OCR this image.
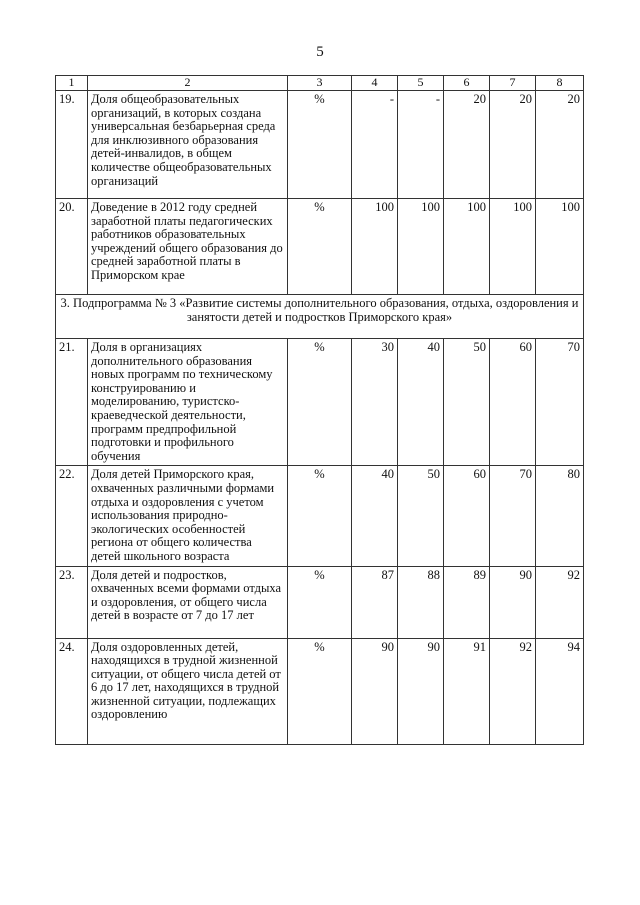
5
1	2	3	4	5	6	7	8
19.	Доля общеобразовательных организаций, в которых создана универсальная безбарьерная среда для инклюзивного образования детей-инвалидов, в общем количестве общеобразовательных организаций	%	-	-	20	20	20
20.	Доведение в 2012 году средней заработной платы педагогических работников образовательных учреждений общего образования до средней заработной платы в Приморском крае	%	100	100	100	100	100
3. Подпрограмма № 3 «Развитие системы дополнительного образования, отдыха, оздоровления и занятости детей и подростков Приморского края»							
21.	Доля в организациях дополнительного образования новых программ по техническому конструированию и моделированию, туристско-краеведческой деятельности, программ предпрофильной подготовки и профильного обучения	%	30	40	50	60	70
22.	Доля детей Приморского края, охваченных различными формами отдыха и оздоровления с учетом использования природно-экологических особенностей региона от общего количества детей школьного возраста	%	40	50	60	70	80
23.	Доля детей и подростков, охваченных всеми формами отдыха и оздоровления, от общего числа детей в возрасте от 7 до 17 лет	%	87	88	89	90	92
24.	Доля оздоровленных детей, находящихся в трудной жизненной ситуации, от общего числа детей от 6 до 17 лет, находящихся в трудной жизненной ситуации, подлежащих оздоровлению	%	90	90	91	92	94
